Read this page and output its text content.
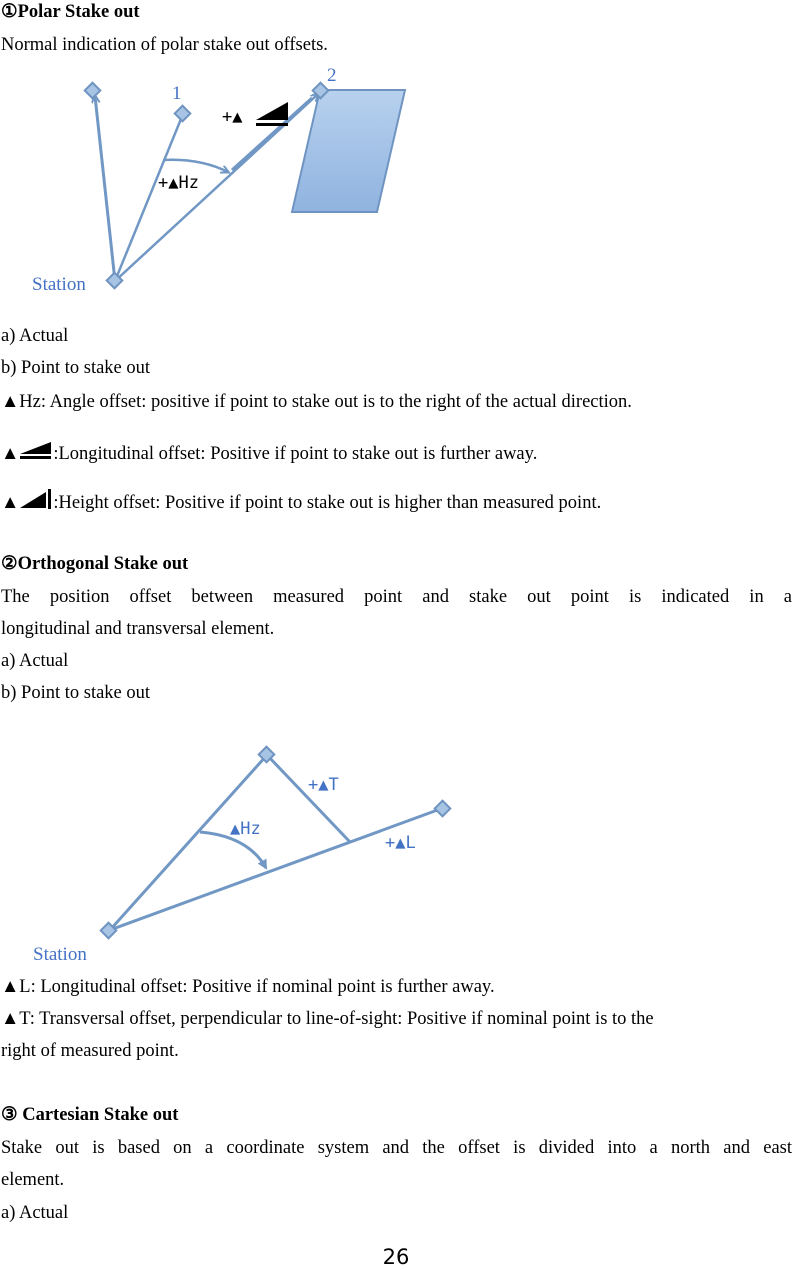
①Polar Stake out
Normal indication of polar stake out offsets.
1
2
Station
+▲Hz
+▲
a) Actual
b) Point to stake out
▲Hz: Angle offset: positive if point to stake out is to the right of the actual direction.
▲ :Longitudinal offset: Positive if point to stake out is further away.
▲ :Height offset: Positive if point to stake out is higher than measured point.
②Orthogonal Stake out
The position offset between measured point and stake out point is indicated in a
longitudinal and transversal element.
a) Actual
b) Point to stake out
+▲T
+▲L
▲Hz
Station
▲L: Longitudinal offset: Positive if nominal point is further away.
▲T: Transversal offset, perpendicular to line-of-sight: Positive if nominal point is to the
right of measured point.
③ Cartesian Stake out
Stake out is based on a coordinate system and the offset is divided into a north and east
element.
a) Actual
26
